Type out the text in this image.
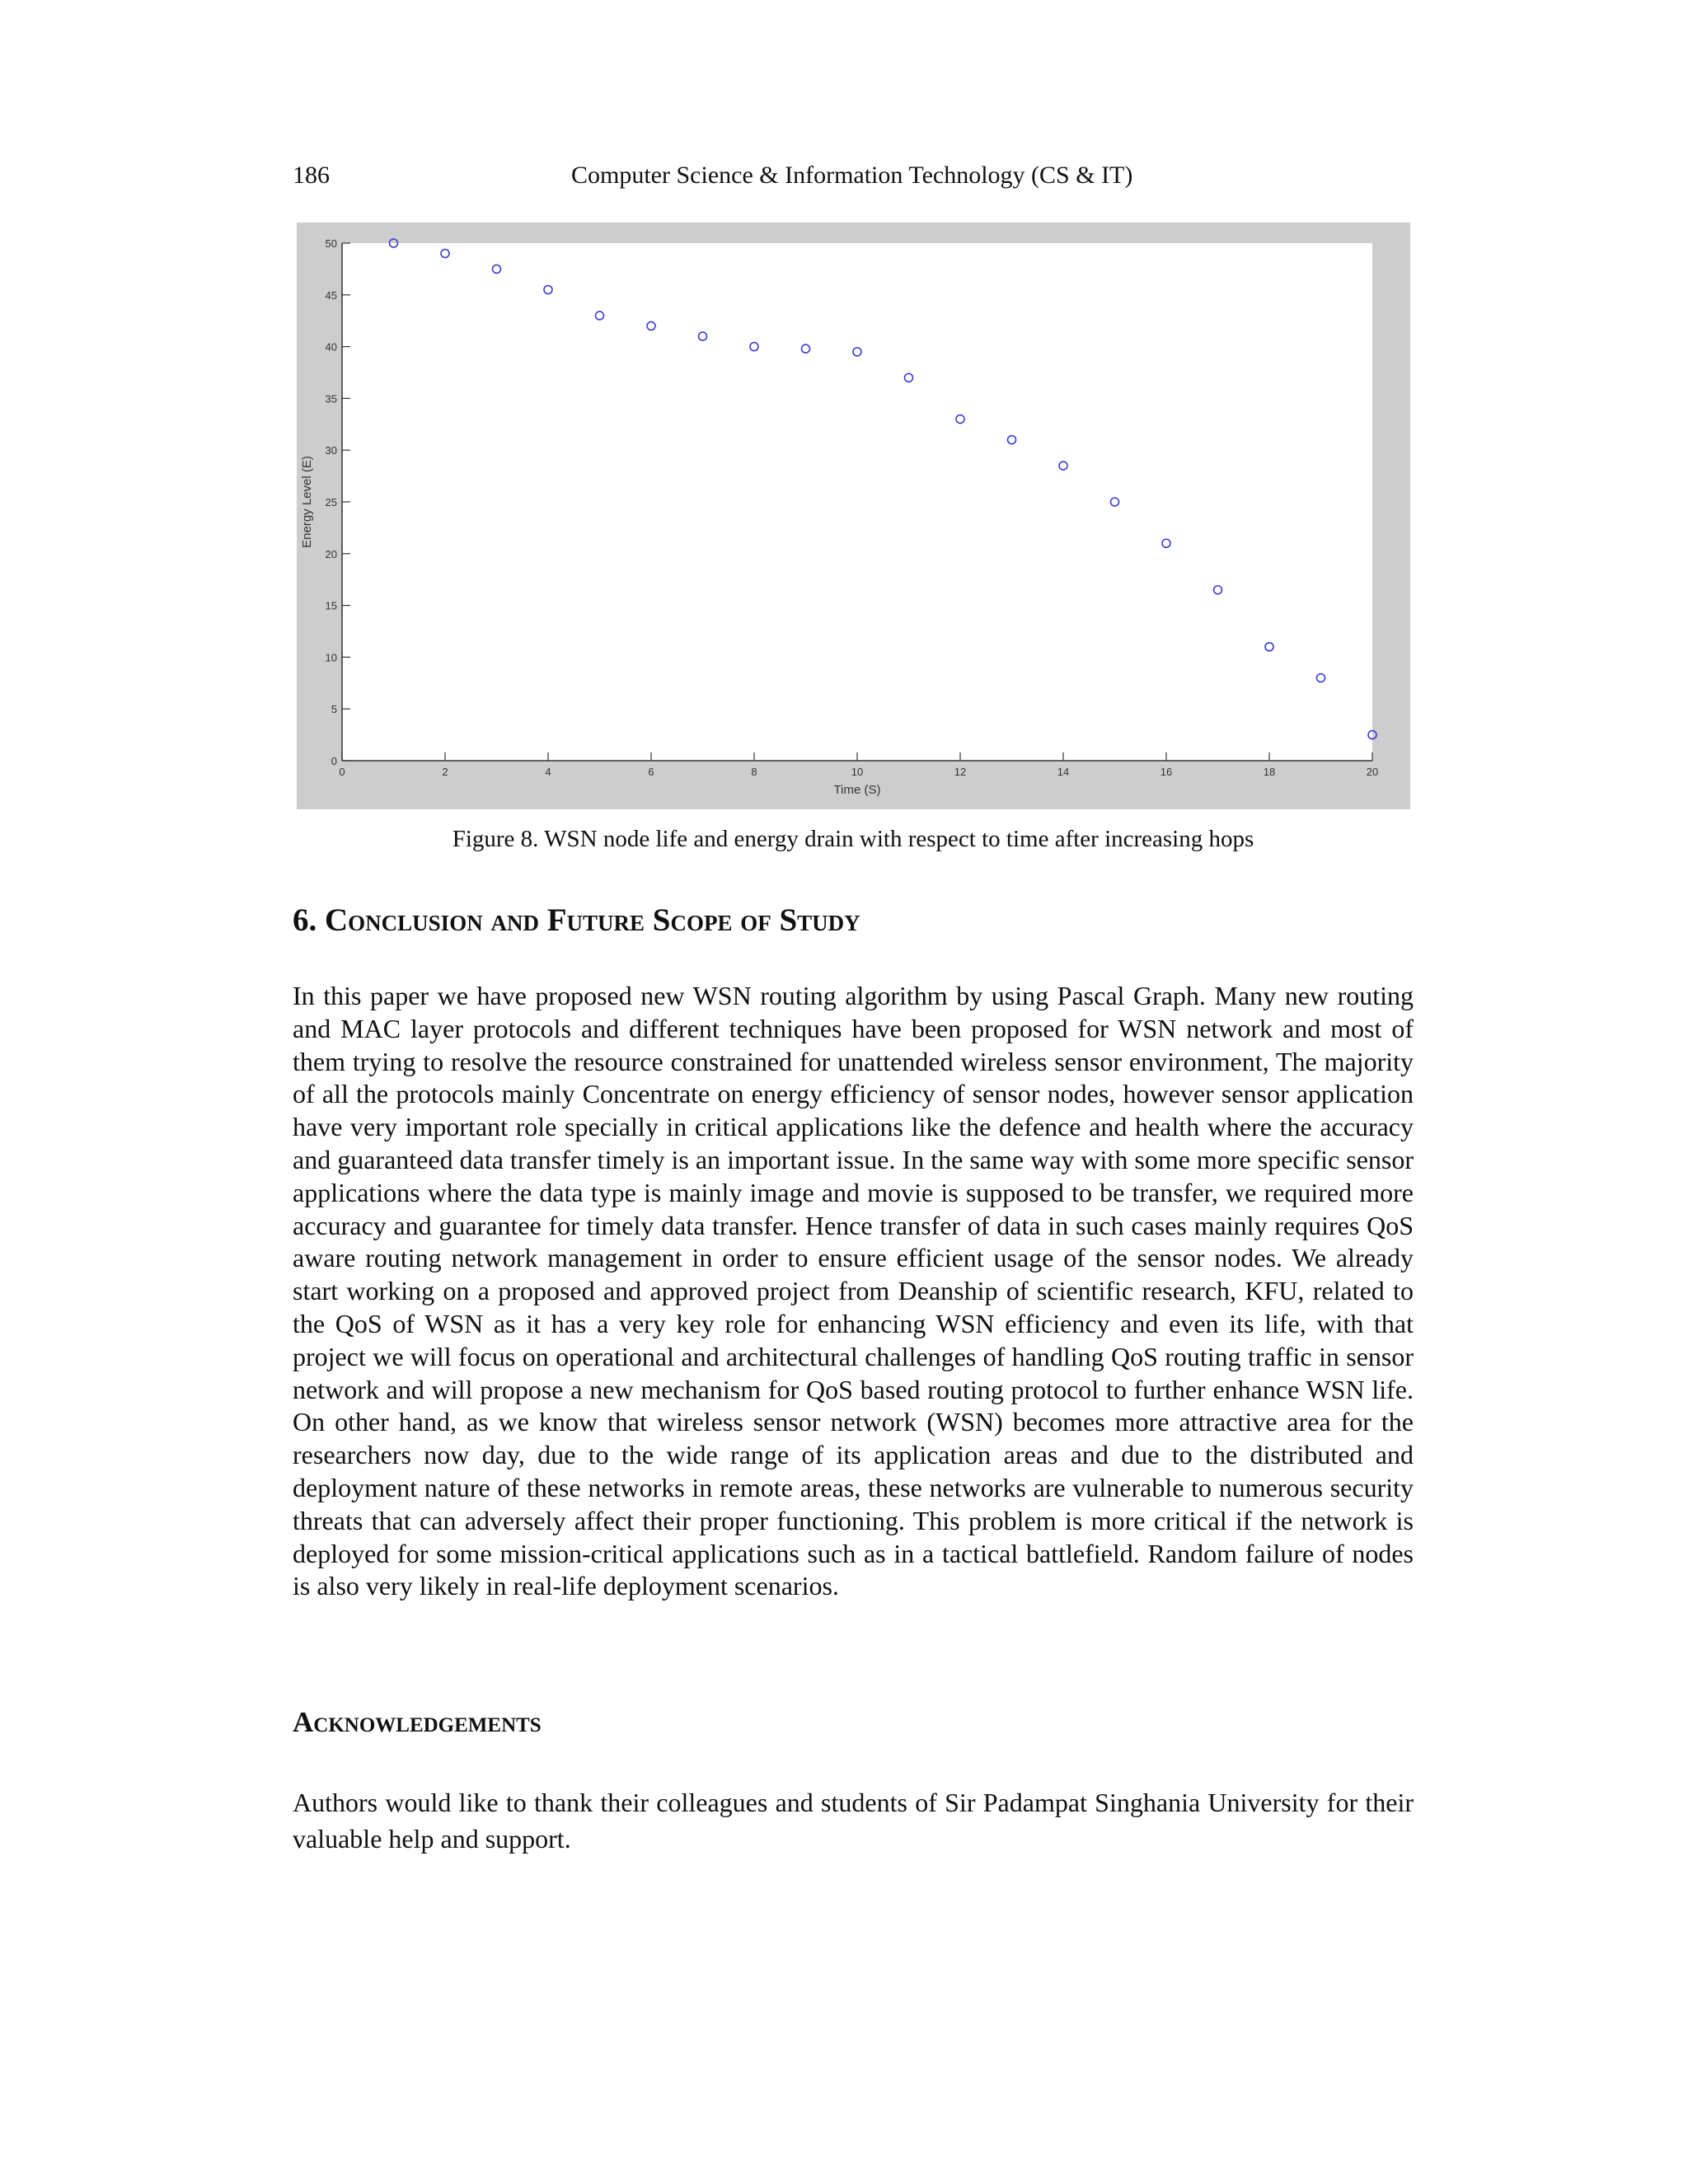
186	Computer Science & Information Technology (CS & IT)
0	2	4	6	8	10	12	14	16	18	20
0
5
10
15
20
25
30
35
40
45
50
Time (S)
Energy Level (E)
Figure 8. WSN node life and energy drain with respect to time after increasing hops
6. Conclusion and Future Scope of Study

In this paper we have proposed new WSN routing algorithm by using Pascal Graph. Many new routing and MAC layer protocols and different techniques have been proposed for WSN network and most of them trying to resolve the resource constrained for unattended wireless sensor environment, The majority of all the protocols mainly Concentrate on energy efficiency of sensor nodes, however sensor application have very important role specially in critical applications like the defence and health where the accuracy and guaranteed data transfer timely is an important issue. In the same way with some more specific sensor applications where the data type is mainly image and movie is supposed to be transfer, we required more accuracy and guarantee for timely data transfer. Hence transfer of data in such cases mainly requires QoS aware routing network management in order to ensure efficient usage of the sensor nodes. We already start working on a proposed and approved project from Deanship of scientific research, KFU, related to the QoS of WSN as it has a very key role for enhancing WSN efficiency and even its life, with that project we will focus on operational and architectural challenges of handling QoS routing traffic in sensor network and will propose a new mechanism for QoS based routing protocol to further enhance WSN life. On other hand, as we know that wireless sensor network (WSN) becomes more attractive area for the researchers now day, due to the wide range of its application areas and due to the distributed and deployment nature of these networks in remote areas, these networks are vulnerable to numerous security threats that can adversely affect their proper functioning. This problem is more critical if the network is deployed for some mission-critical applications such as in a tactical battlefield. Random failure of nodes is also very likely in real-life deployment scenarios.

Acknowledgements

Authors would like to thank their colleagues and students of Sir Padampat Singhania University for their valuable help and support.
